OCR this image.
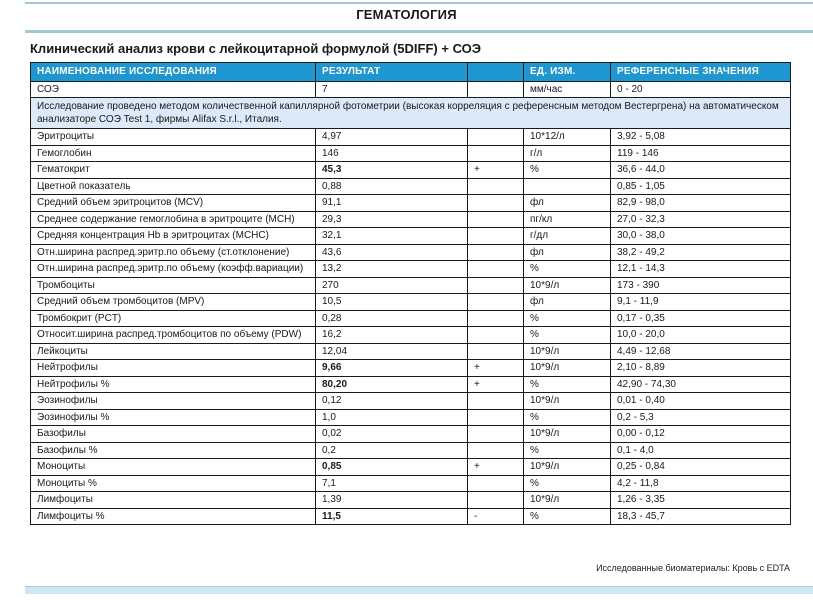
ГЕМАТОЛОГИЯ
Клинический анализ крови с лейкоцитарной формулой (5DIFF) + СОЭ
НАИМЕНОВАНИЕ ИССЛЕДОВАНИЯ	РЕЗУЛЬТАТ		ЕД. ИЗМ.	РЕФЕРЕНСНЫЕ ЗНАЧЕНИЯ
СОЭ	7		мм/час	0 - 20
Исследование проведено методом количественной капиллярной фотометрии (высокая корреляция с референсным методом Вестергрена) на автоматическом анализаторе СОЭ Test 1, фирмы Alifax S.r.l., Италия.				
Эритроциты	4,97		10*12/л	3,92 - 5,08
Гемоглобин	146		г/л	119 - 146
Гематокрит	45,3	+	%	36,6 - 44,0
Цветной показатель	0,88			0,85 - 1,05
Средний объем эритроцитов (MCV)	91,1		фл	82,9 - 98,0
Среднее содержание гемоглобина в эритроците (MCH)	29,3		пг/кл	27,0 - 32,3
Средняя концентрация Hb в эритроцитах (MCHC)	32,1		г/дл	30,0 - 38,0
Отн.ширина распред.эритр.по объему (ст.отклонение)	43,6		фл	38,2 - 49,2
Отн.ширина распред.эритр.по объему (коэфф.вариации)	13,2		%	12,1 - 14,3
Тромбоциты	270		10*9/л	173 - 390
Средний объем тромбоцитов (MPV)	10,5		фл	9,1 - 11,9
Тромбокрит (PCT)	0,28		%	0,17 - 0,35
Относит.ширина распред.тромбоцитов по объему (PDW)	16,2		%	10,0 - 20,0
Лейкоциты	12,04		10*9/л	4,49 - 12,68
Нейтрофилы	9,66	+	10*9/л	2,10 - 8,89
Нейтрофилы %	80,20	+	%	42,90 - 74,30
Эозинофилы	0,12		10*9/л	0,01 - 0,40
Эозинофилы %	1,0		%	0,2 - 5,3
Базофилы	0,02		10*9/л	0,00 - 0,12
Базофилы %	0,2		%	0,1 - 4,0
Моноциты	0,85	+	10*9/л	0,25 - 0,84
Моноциты %	7,1		%	4,2 - 11,8
Лимфоциты	1,39		10*9/л	1,26 - 3,35
Лимфоциты %	11,5	-	%	18,3 - 45,7
Исследованные биоматериалы: Кровь с EDTA
